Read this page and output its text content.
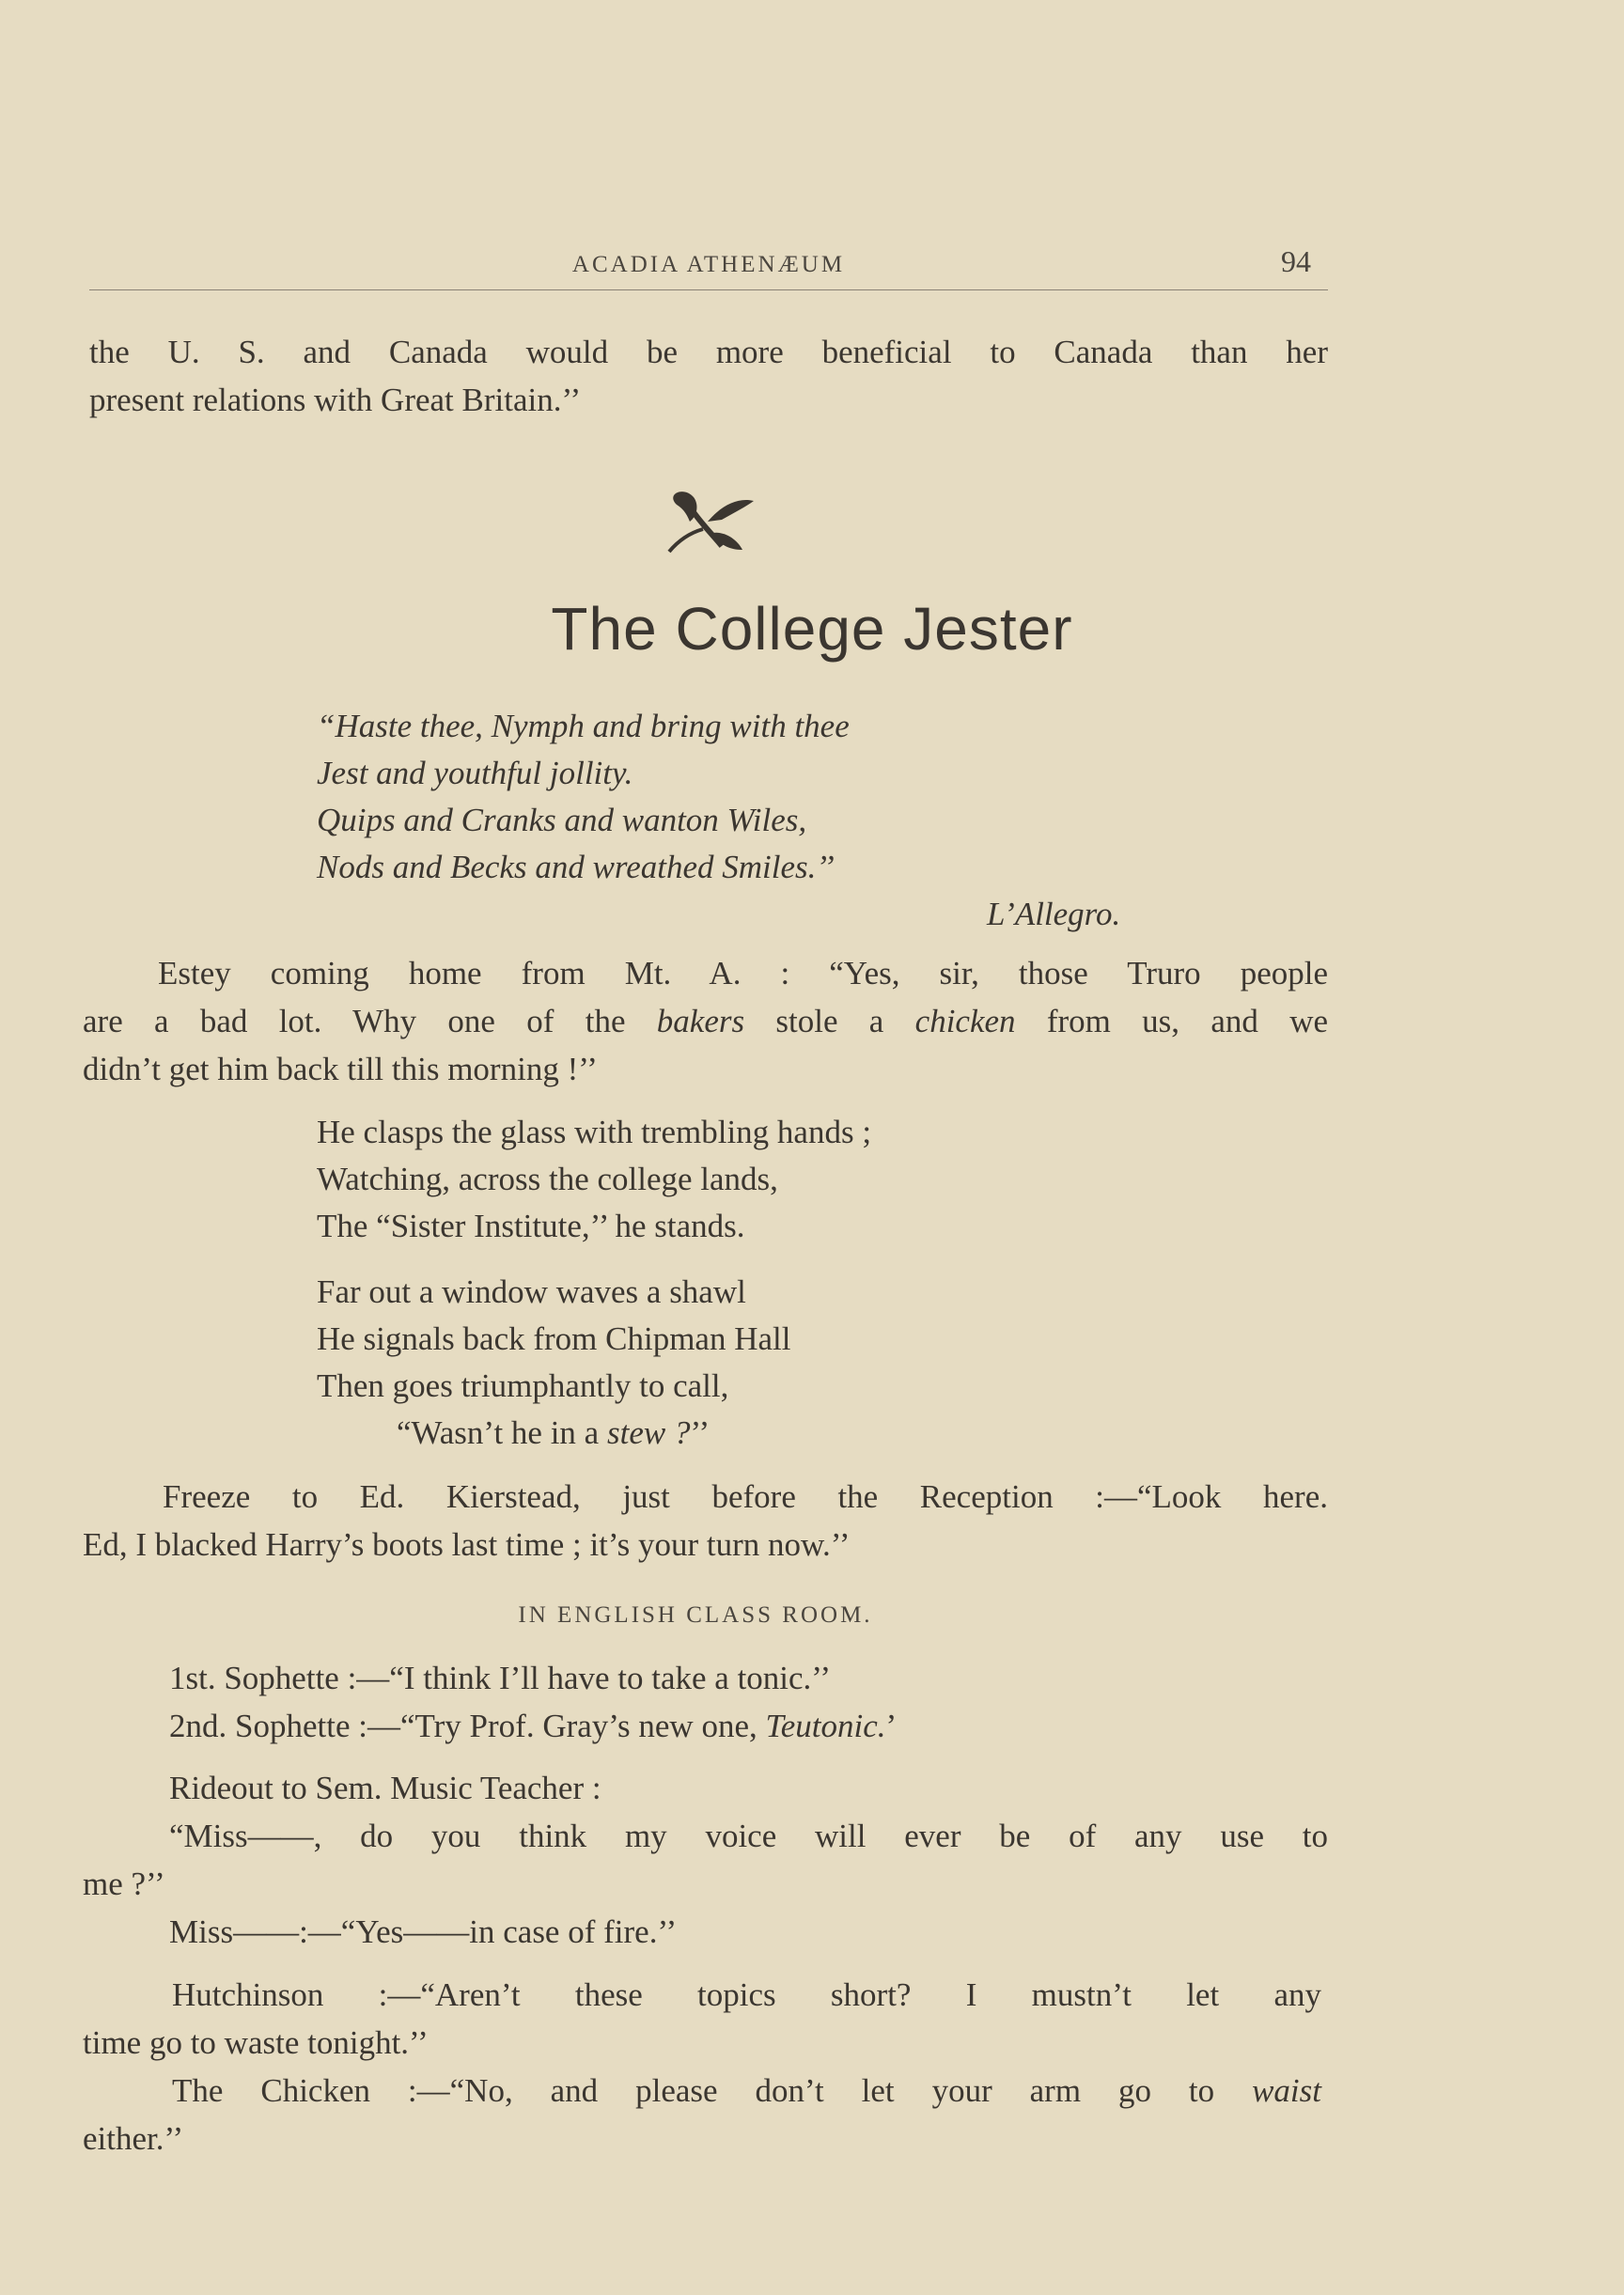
ACADIA ATHENÆUM	94
the U. S. and Canada would be more beneficial to Canada than her
present relations with Great Britain.’’
The College Jester
“Haste thee, Nymph and bring with thee
Jest and youthful jollity.
Quips and Cranks and wanton Wiles,
Nods and Becks and wreathed Smiles.’’
L’Allegro.
Estey coming home from Mt. A. : “Yes, sir, those Truro people
are a bad lot. Why one of the bakers stole a chicken from us, and we
didn’t get him back till this morning !’’
He clasps the glass with trembling hands ;
Watching, across the college lands,
The “Sister Institute,’’ he stands.
Far out a window waves a shawl
He signals back from Chipman Hall
Then goes triumphantly to call,
“Wasn’t he in a stew ?’’
Freeze to Ed. Kierstead, just before the Reception :—“Look here.
Ed, I blacked Harry’s boots last time ; it’s your turn now.’’
IN ENGLISH CLASS ROOM.
1st. Sophette :—“I think I’ll have to take a tonic.’’
2nd. Sophette :—“Try Prof. Gray’s new one, Teutonic.’
Rideout to Sem. Music Teacher :
“Miss——, do you think my voice will ever be of any use to
me ?’’
Miss——:—“Yes——in case of fire.’’
Hutchinson :—“Aren’t these topics short? I mustn’t let any
time go to waste tonight.’’
The Chicken :—“No, and please don’t let your arm go to waist
either.’’
